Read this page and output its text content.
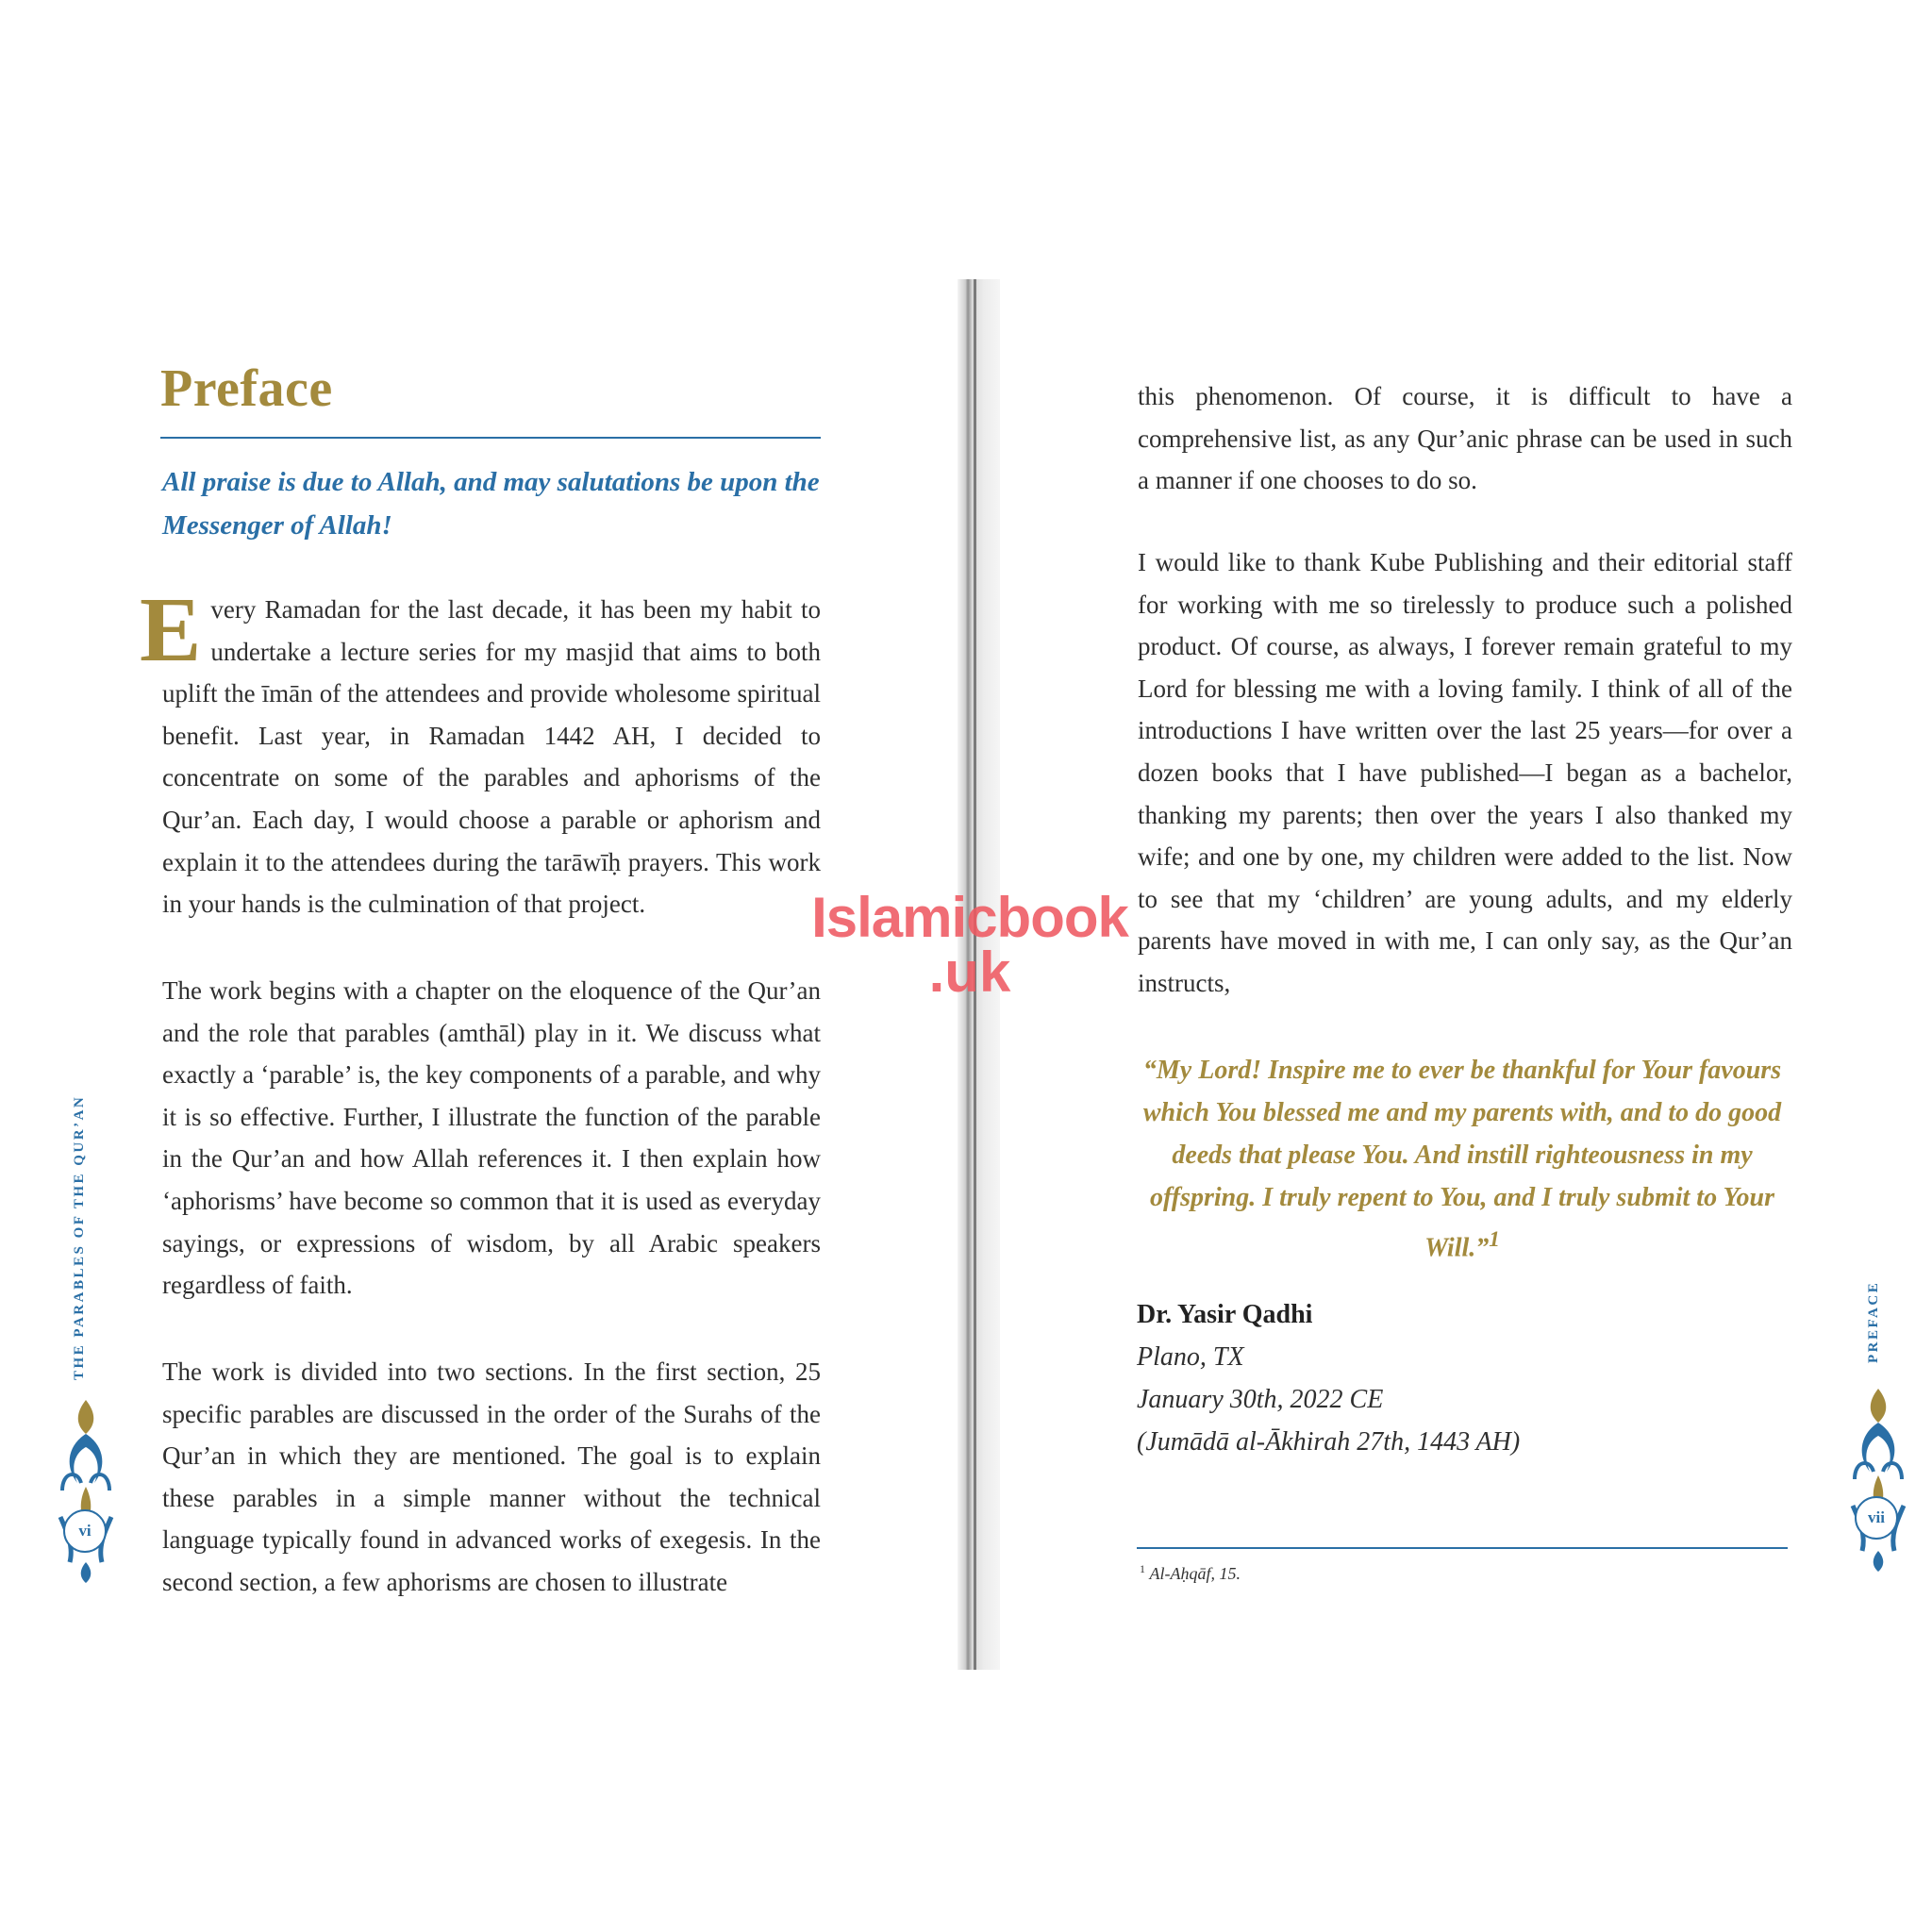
Preface

All praise is due to Allah, and may salutations be upon the Messenger of Allah!

Every Ramadan for the last decade, it has been my habit to undertake a lecture series for my masjid that aims to both uplift the īmān of the attendees and provide wholesome spiritual benefit. Last year, in Ramadan 1442 AH, I decided to concentrate on some of the parables and aphorisms of the Qur’an. Each day, I would choose a parable or aphorism and explain it to the attendees during the tarāwīḥ prayers. This work in your hands is the culmination of that project.

The work begins with a chapter on the eloquence of the Qur’an and the role that parables (amthāl) play in it. We discuss what exactly a ‘parable’ is, the key components of a parable, and why it is so effective. Further, I illustrate the function of the parable in the Qur’an and how Allah references it. I then explain how ‘aphorisms’ have become so common that it is used as everyday sayings, or expressions of wisdom, by all Arabic speakers regardless of faith.

The work is divided into two sections. In the first section, 25 specific parables are discussed in the order of the Surahs of the Qur’an in which they are mentioned. The goal is to explain these parables in a simple manner without the technical language typically found in advanced works of exegesis. In the second section, a few aphorisms are chosen to illustrate

THE PARABLES OF THE QUR’AN
vi

this phenomenon. Of course, it is difficult to have a comprehensive list, as any Qur’anic phrase can be used in such a manner if one chooses to do so.

I would like to thank Kube Publishing and their editorial staff for working with me so tirelessly to produce such a polished product. Of course, as always, I forever remain grateful to my Lord for blessing me with a loving family. I think of all of the introductions I have written over the last 25 years—for over a dozen books that I have published—I began as a bachelor, thanking my parents; then over the years I also thanked my wife; and one by one, my children were added to the list. Now to see that my ‘children’ are young adults, and my elderly parents have moved in with me, I can only say, as the Qur’an instructs,

“My Lord! Inspire me to ever be thankful for Your favours which You blessed me and my parents with, and to do good deeds that please You. And instill righteousness in my offspring. I truly repent to You, and I truly submit to Your Will.”$^1$

Dr. Yasir Qadhi

Plano, TX

January 30th, 2022 CE

(Jumādā al-Ākhirah 27th, 1443 AH)

$^1$ Al-Aḥqāf, 15.

PREFACE
vii
Islamicbook
.uk
